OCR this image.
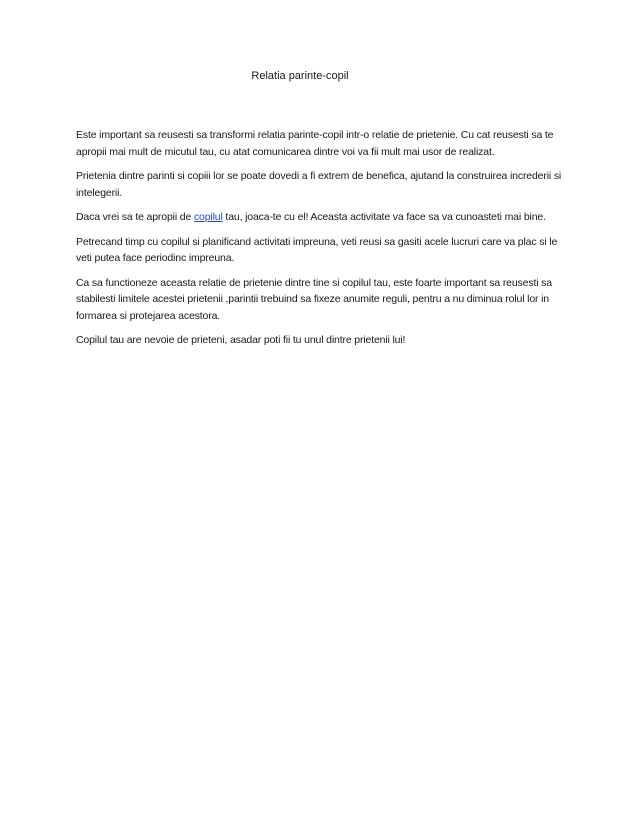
Relatia parinte-copil

Este important sa reusesti sa transformi relatia parinte-copil intr-o relatie de prietenie. Cu cat reusesti sa te apropii mai mult de micutul tau, cu atat comunicarea dintre voi va fii mult mai usor de realizat.

Prietenia dintre parinti si copiii lor se poate dovedi a fi extrem de benefica, ajutand la construirea increderii si intelegerii.

Daca vrei sa te apropii de copilul tau, joaca-te cu el! Aceasta activitate va face sa va cunoasteti mai bine.

Petrecand timp cu copilul si planificand activitati impreuna, veti reusi sa gasiti acele lucruri care va plac si le veti putea face periodinc impreuna.

Ca sa functioneze aceasta relatie de prietenie dintre tine si copilul tau, este foarte important sa reusesti sa stabilesti limitele acestei prietenii ,parintii trebuind sa fixeze anumite reguli, pentru a nu diminua rolul lor in formarea si protejarea acestora.

Copilul tau are nevoie de prieteni, asadar poti fii tu unul dintre prietenii lui!
